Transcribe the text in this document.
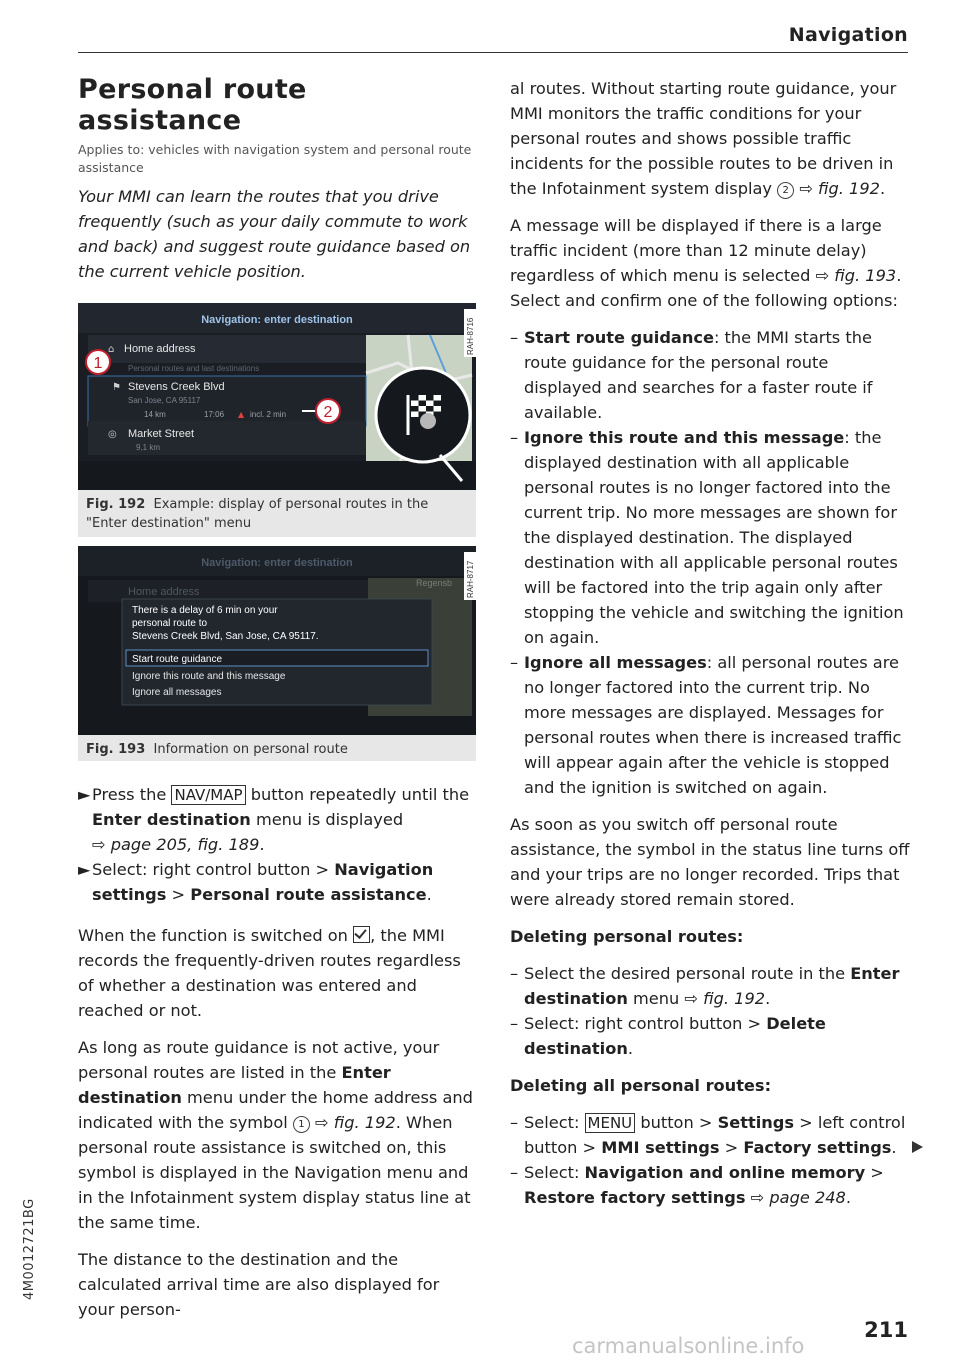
Navigation
Personal route assistance
Applies to: vehicles with navigation system and personal route assistance
Your MMI can learn the routes that you drive frequently (such as your daily commute to work and back) and suggest route guidance based on the current vehicle position.
Navigation: enter destination
Home address
⌂
Personal routes and last destinations
⚑ Stevens Creek Blvd
San Jose, CA 95117
14 km	17:06 ▲ incl. 2 min
◎ Market Street
9,1 km
1
2
RAH-8716
Fig. 192 Example: display of personal routes in the "Enter destination" menu
Navigation: enter destination
Regensb
Home address
There is a delay of 6 min on your
personal route to
Stevens Creek Blvd, San Jose, CA 95117.
Start route guidance
Ignore this route and this message
Ignore all messages
RAH-8717
Fig. 193 Information on personal route

► Press the NAV/MAP button repeatedly until the Enter destination menu is displayed
⇨ page 205, fig. 189.

► Select: right control button > Navigation settings > Personal route assistance.

When the function is switched on , the MMI records the frequently-driven routes regardless of whether a destination was entered and reached or not.

As long as route guidance is not active, your personal routes are listed in the Enter destination menu under the home address and indicated with the symbol 1 ⇨ fig. 192. When personal route assistance is switched on, this symbol is displayed in the Navigation menu and in the Infotainment system display status line at the same time.

The distance to the destination and the calculated arrival time are also displayed for your person-

al routes. Without starting route guidance, your MMI monitors the traffic conditions for your personal routes and shows possible traffic incidents for the possible routes to be driven in the Infotainment system display 2 ⇨ fig. 192.

A message will be displayed if there is a large traffic incident (more than 12 minute delay) regardless of which menu is selected ⇨ fig. 193. Select and confirm one of the following options:

– Start route guidance: the MMI starts the route guidance for the personal route displayed and searches for a faster route if available.

– Ignore this route and this message: the displayed destination with all applicable personal routes is no longer factored into the current trip. No more messages are shown for the displayed destination. The displayed destination with all applicable personal routes will be factored into the trip again only after stopping the vehicle and switching the ignition on again.

– Ignore all messages: all personal routes are no longer factored into the current trip. No more messages are displayed. Messages for personal routes when there is increased traffic will appear again after the vehicle is stopped and the ignition is switched on again.

As soon as you switch off personal route assistance, the symbol in the status line turns off and your trips are no longer recorded. Trips that were already stored remain stored.

Deleting personal routes:

– Select the desired personal route in the Enter destination menu ⇨ fig. 192.

– Select: right control button > Delete destination.

Deleting all personal routes:

– Select: MENU button > Settings > left control button > MMI settings > Factory settings.

– Select: Navigation and online memory > Restore factory settings ⇨ page 248.

4M0012721BG
211
carmanualsonline.info
